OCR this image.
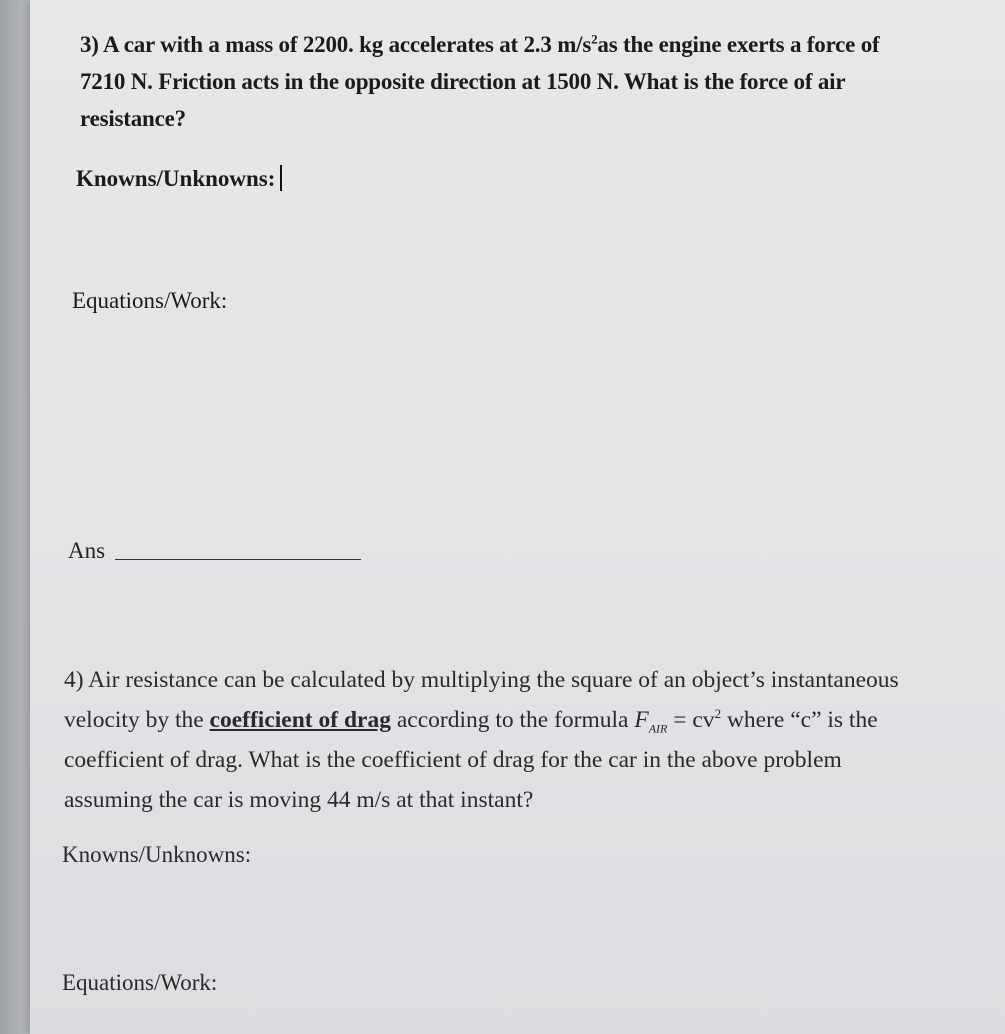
3) A car with a mass of 2200. kg accelerates at 2.3 $m/s^2as$ the engine exerts a force of
7210 N. Friction acts in the opposite direction at 1500 N. What is the force of air
resistance?
Knowns/Unknowns:
Equations/Work:
Ans
4) Air resistance can be calculated by multiplying the square of an object’s instantaneous
velocity by the coefficient of drag according to the formula $F_{AIR} = cv^2$ where “c” is the
coefficient of drag. What is the coefficient of drag for the car in the above problem
assuming the car is moving 44 m/s at that instant?
Knowns/Unknowns:
Equations/Work:
